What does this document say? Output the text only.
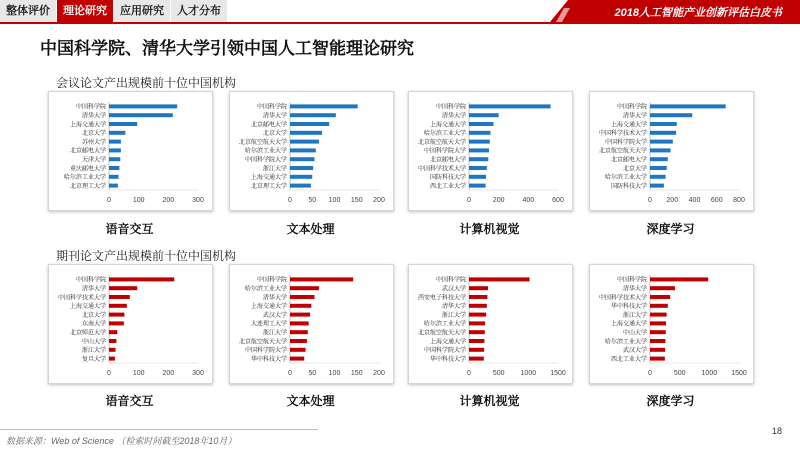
整体评价	理论研究	应用研究	人才分布	2018人工智能产业创新评估白皮书
中国科学院、清华大学引领中国人工智能理论研究
会议论文产出规模前十位中国机构
期刊论文产出规模前十位中国机构
0	100	200	300
中国科学院
清华大学
上海交通大学
北京大学
苏州大学
北京邮电大学
天津大学
重庆邮电大学
哈尔滨工业大学
北京理工大学
0 50 100 150 200
中国科学院
清华大学
北京邮电大学
北京大学
北京航空航天大学
哈尔滨工业大学
中国科学院大学
浙江大学
上海交通大学
北京理工大学
0	200	400	600
中国科学院
清华大学
上海交通大学
哈尔滨工业大学
北京航空航天大学
中国科学院大学
北京邮电大学
中国科学技术大学
国防科技大学
西北工业大学
0 200 400 600 800
中国科学院
清华大学
上海交通大学
中国科学技术大学
中国科学院大学
北京航空航天大学
北京邮电大学
北京大学
哈尔滨工业大学
国防科技大学
0	100	200	300
中国科学院
清华大学
中国科学技术大学
上海交通大学
北京大学
东南大学
北京师范大学
中山大学
浙江大学
复旦大学
0 50 100 150 200
中国科学院
哈尔滨工业大学
清华大学
上海交通大学
武汉大学
大连理工大学
浙江大学
北京航空航天大学
中国科学院大学
华中科技大学
0	500 1000 1500
中国科学院
武汉大学
西安电子科技大学
清华大学
浙江大学
哈尔滨工业大学
北京航空航天大学
上海交通大学
中国科学院大学
华中科技大学
0	500 1000 1500
中国科学院
清华大学
中国科学技术大学
华中科技大学
浙江大学
上海交通大学
中山大学
哈尔滨工业大学
武汉大学
西北工业大学
语音交互	文本处理	计算机视觉	深度学习
语音交互	文本处理	计算机视觉	深度学习
数据来源：Web of Science （检索时间截至2018年10月）
18
